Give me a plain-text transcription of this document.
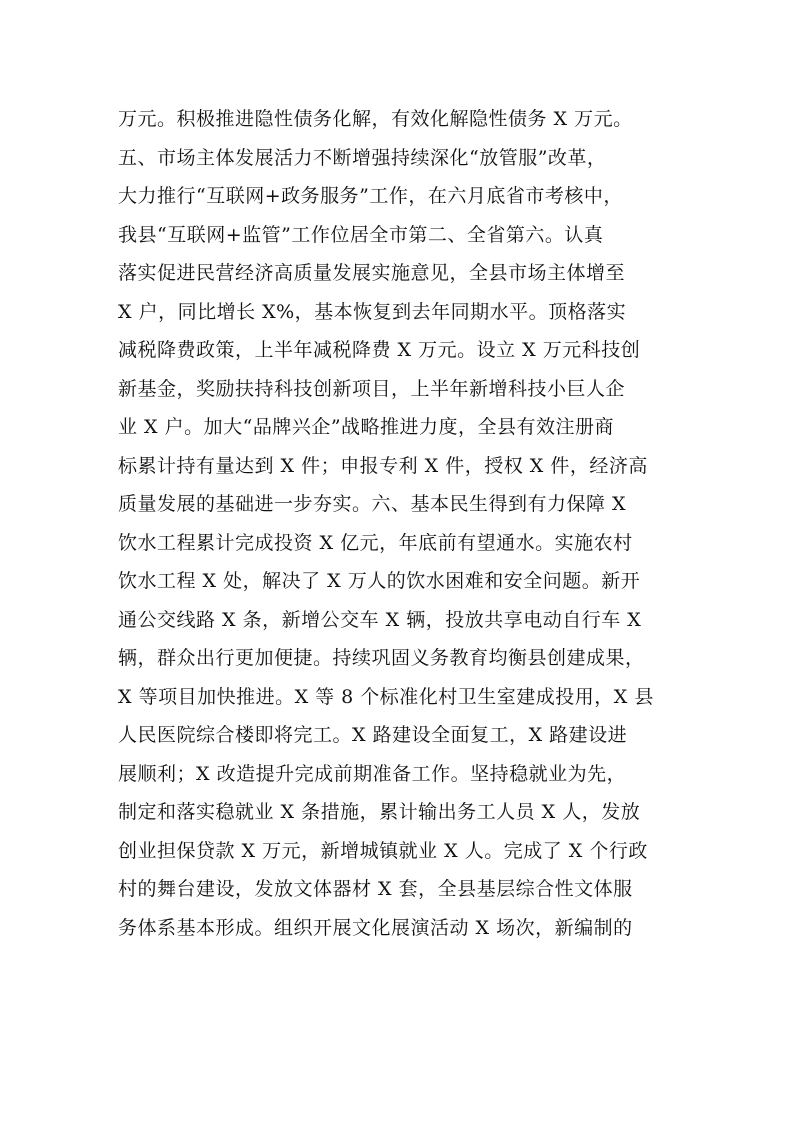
万元。积极推进隐性债务化解，有效化解隐性债务 X 万元。
五、市场主体发展活力不断增强持续深化“放管服”改革，
大力推行“互联网+政务服务”工作，在六月底省市考核中，
我县“互联网+监管”工作位居全市第二、全省第六。认真
落实促进民营经济高质量发展实施意见，全县市场主体增至
X 户，同比增长 X%，基本恢复到去年同期水平。顶格落实
减税降费政策，上半年减税降费 X 万元。设立 X 万元科技创
新基金，奖励扶持科技创新项目，上半年新增科技小巨人企
业 X 户。加大“品牌兴企”战略推进力度，全县有效注册商
标累计持有量达到 X 件；申报专利 X 件，授权 X 件，经济高
质量发展的基础进一步夯实。六、基本民生得到有力保障 X
饮水工程累计完成投资 X 亿元，年底前有望通水。实施农村
饮水工程 X 处，解决了 X 万人的饮水困难和安全问题。新开
通公交线路 X 条，新增公交车 X 辆，投放共享电动自行车 X
辆，群众出行更加便捷。持续巩固义务教育均衡县创建成果，
X 等项目加快推进。X 等 8 个标准化村卫生室建成投用，X 县
人民医院综合楼即将完工。X 路建设全面复工，X 路建设进
展顺利；X 改造提升完成前期准备工作。坚持稳就业为先，
制定和落实稳就业 X 条措施，累计输出务工人员 X 人，发放
创业担保贷款 X 万元，新增城镇就业 X 人。完成了 X 个行政
村的舞台建设，发放文体器材 X 套，全县基层综合性文体服
务体系基本形成。组织开展文化展演活动 X 场次，新编制的
